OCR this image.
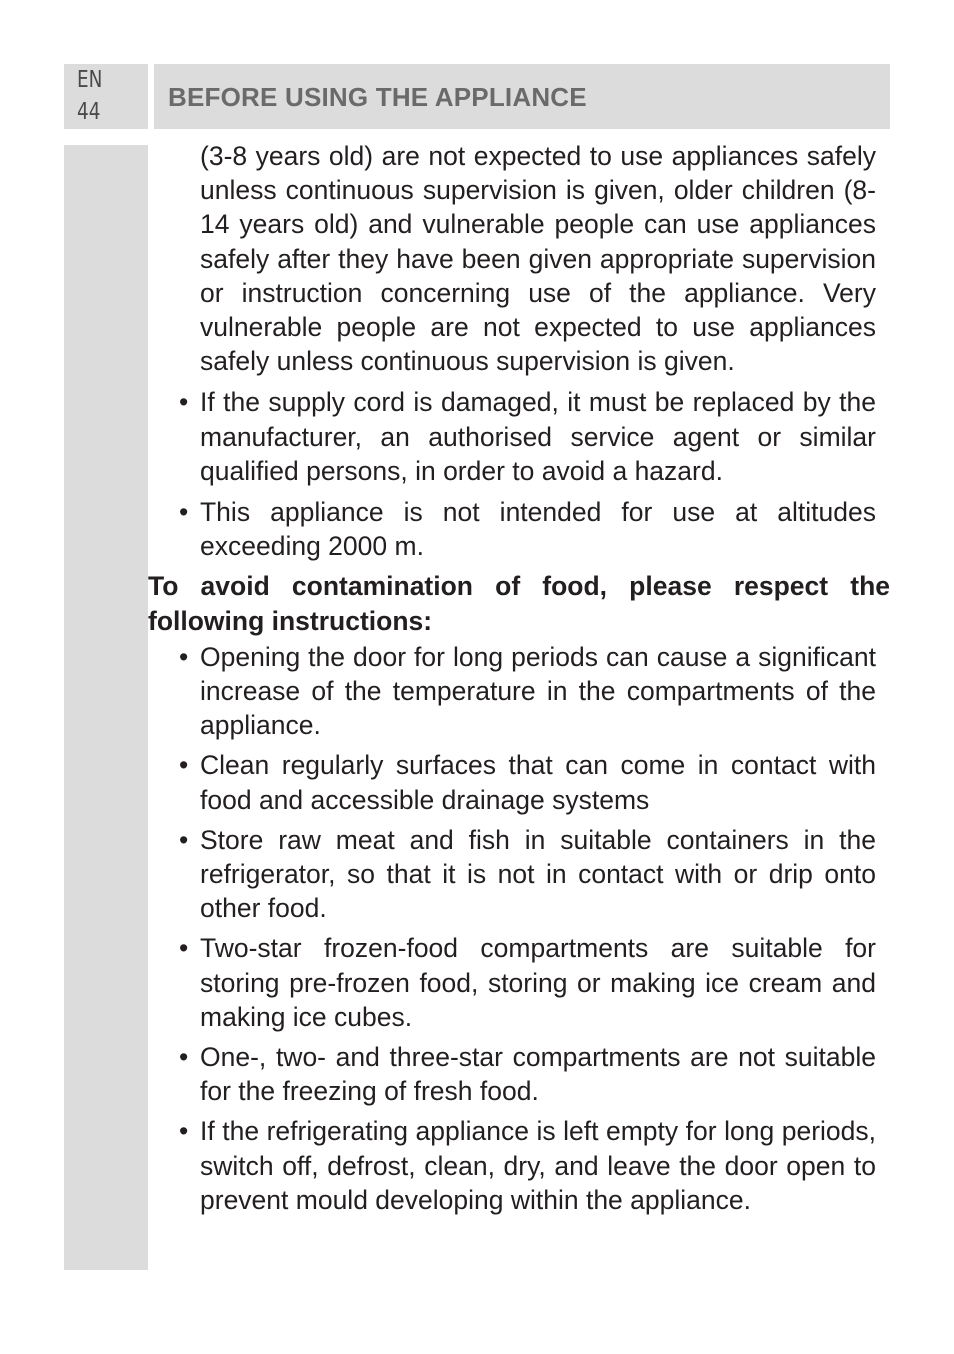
EN

44	BEFORE USING THE APPLIANCE

(3-8 years old) are not expected to use appliances safely unless continuous supervision is given, older children (8-14 years old) and vulnerable people can use appliances safely after they have been given appropriate supervision or instruction concerning use of the appliance. Very vulnerable people are not expected to use appliances safely unless continuous supervision is given.

• If the supply cord is damaged, it must be replaced by the manufacturer, an authorised service agent or similar qualified persons, in order to avoid a hazard.

• This appliance is not intended for use at altitudes exceeding 2000 m.

To avoid contamination of food, please respect the following instructions:

• Opening the door for long periods can cause a significant increase of the temperature in the compartments of the appliance.

• Clean regularly surfaces that can come in contact with food and accessible drainage systems

• Store raw meat and fish in suitable containers in the refrigerator, so that it is not in contact with or drip onto other food.

• Two-star frozen-food compartments are suitable for storing pre-frozen food, storing or making ice cream and making ice cubes.

• One-, two- and three-star compartments are not suitable for the freezing of fresh food.

• If the refrigerating appliance is left empty for long periods, switch off, defrost, clean, dry, and leave the door open to prevent mould developing within the appliance.
